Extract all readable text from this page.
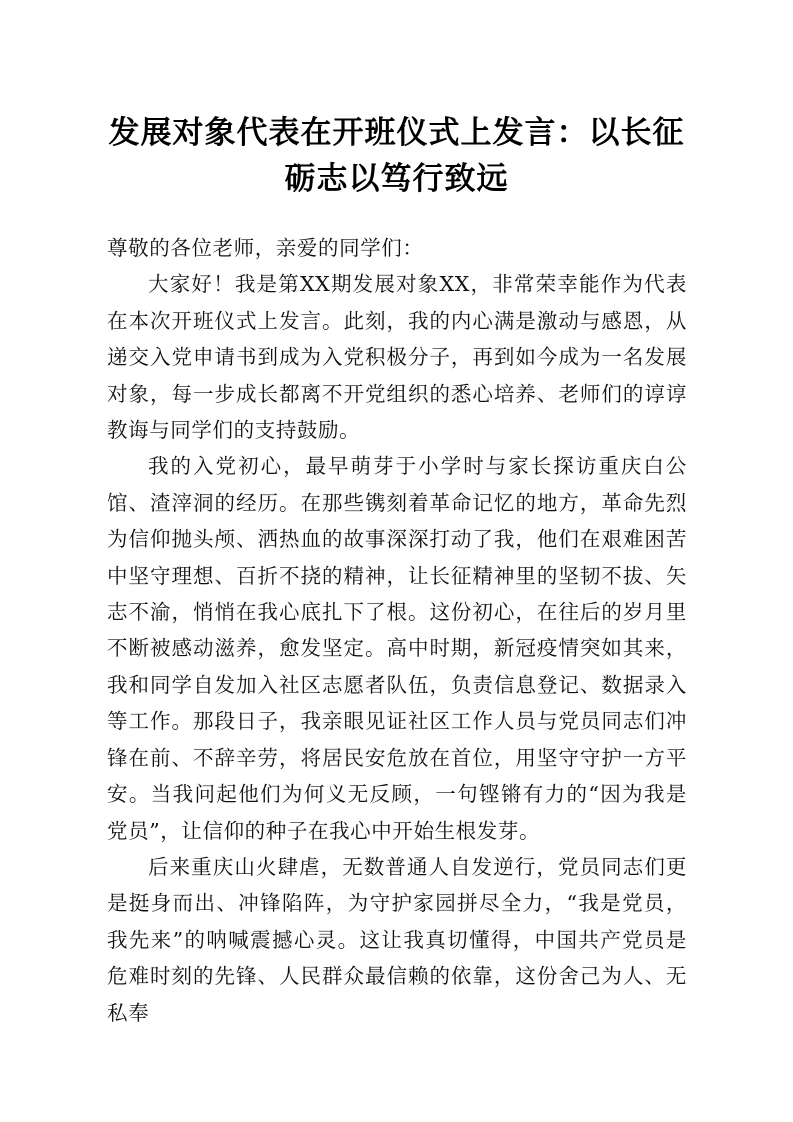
发展对象代表在开班仪式上发言：以长征
砺志以笃行致远

尊敬的各位老师，亲爱的同学们：

大家好！我是第XX期发展对象XX，非常荣幸能作为代表在本次开班仪式上发言。此刻，我的内心满是激动与感恩，从递交入党申请书到成为入党积极分子，再到如今成为一名发展对象，每一步成长都离不开党组织的悉心培养、老师们的谆谆教诲与同学们的支持鼓励。

我的入党初心，最早萌芽于小学时与家长探访重庆白公馆、渣滓洞的经历。在那些镌刻着革命记忆的地方，革命先烈为信仰抛头颅、洒热血的故事深深打动了我，他们在艰难困苦中坚守理想、百折不挠的精神，让长征精神里的坚韧不拔、矢志不渝，悄悄在我心底扎下了根。这份初心，在往后的岁月里不断被感动滋养，愈发坚定。高中时期，新冠疫情突如其来，我和同学自发加入社区志愿者队伍，负责信息登记、数据录入等工作。那段日子，我亲眼见证社区工作人员与党员同志们冲锋在前、不辞辛劳，将居民安危放在首位，用坚守守护一方平安。当我问起他们为何义无反顾，一句铿锵有力的“因为我是党员”，让信仰的种子在我心中开始生根发芽。

后来重庆山火肆虐，无数普通人自发逆行，党员同志们更是挺身而出、冲锋陷阵，为守护家园拼尽全力，“我是党员，我先来”的呐喊震撼心灵。这让我真切懂得，中国共产党员是危难时刻的先锋、人民群众最信赖的依靠，这份舍己为人、无私奉
